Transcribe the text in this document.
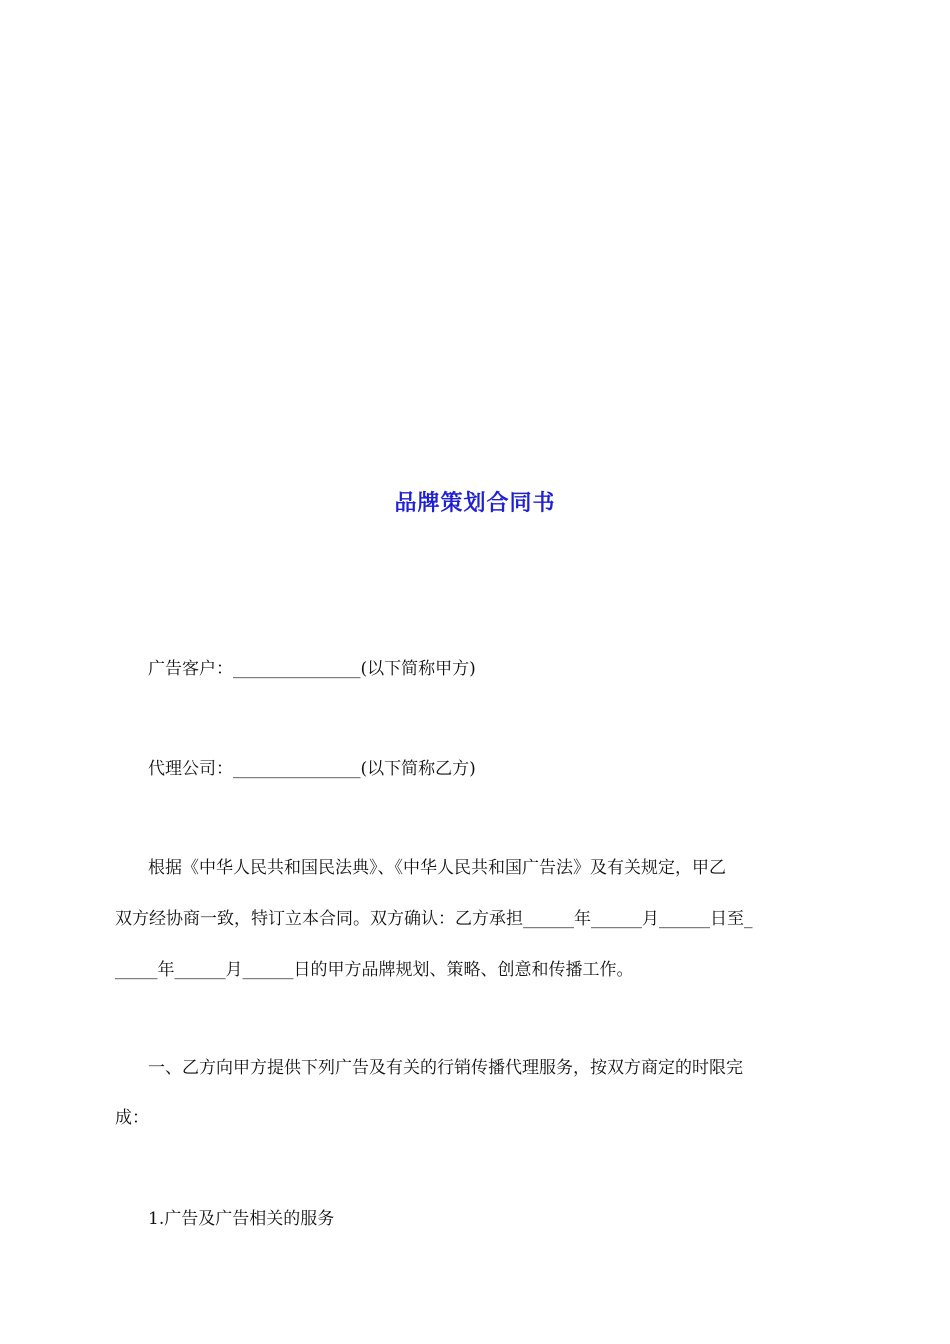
品牌策划合同书
广告客户：_______________(以下简称甲方)
代理公司：_______________(以下简称乙方)
根据《中华人民共和国民法典》、《中华人民共和国广告法》及有关规定，甲乙
双方经协商一致，特订立本合同。双方确认：乙方承担______年______月______日至_
_____年______月______日的甲方品牌规划、策略、创意和传播工作。
一、乙方向甲方提供下列广告及有关的行销传播代理服务，按双方商定的时限完
成：
1.广告及广告相关的服务
